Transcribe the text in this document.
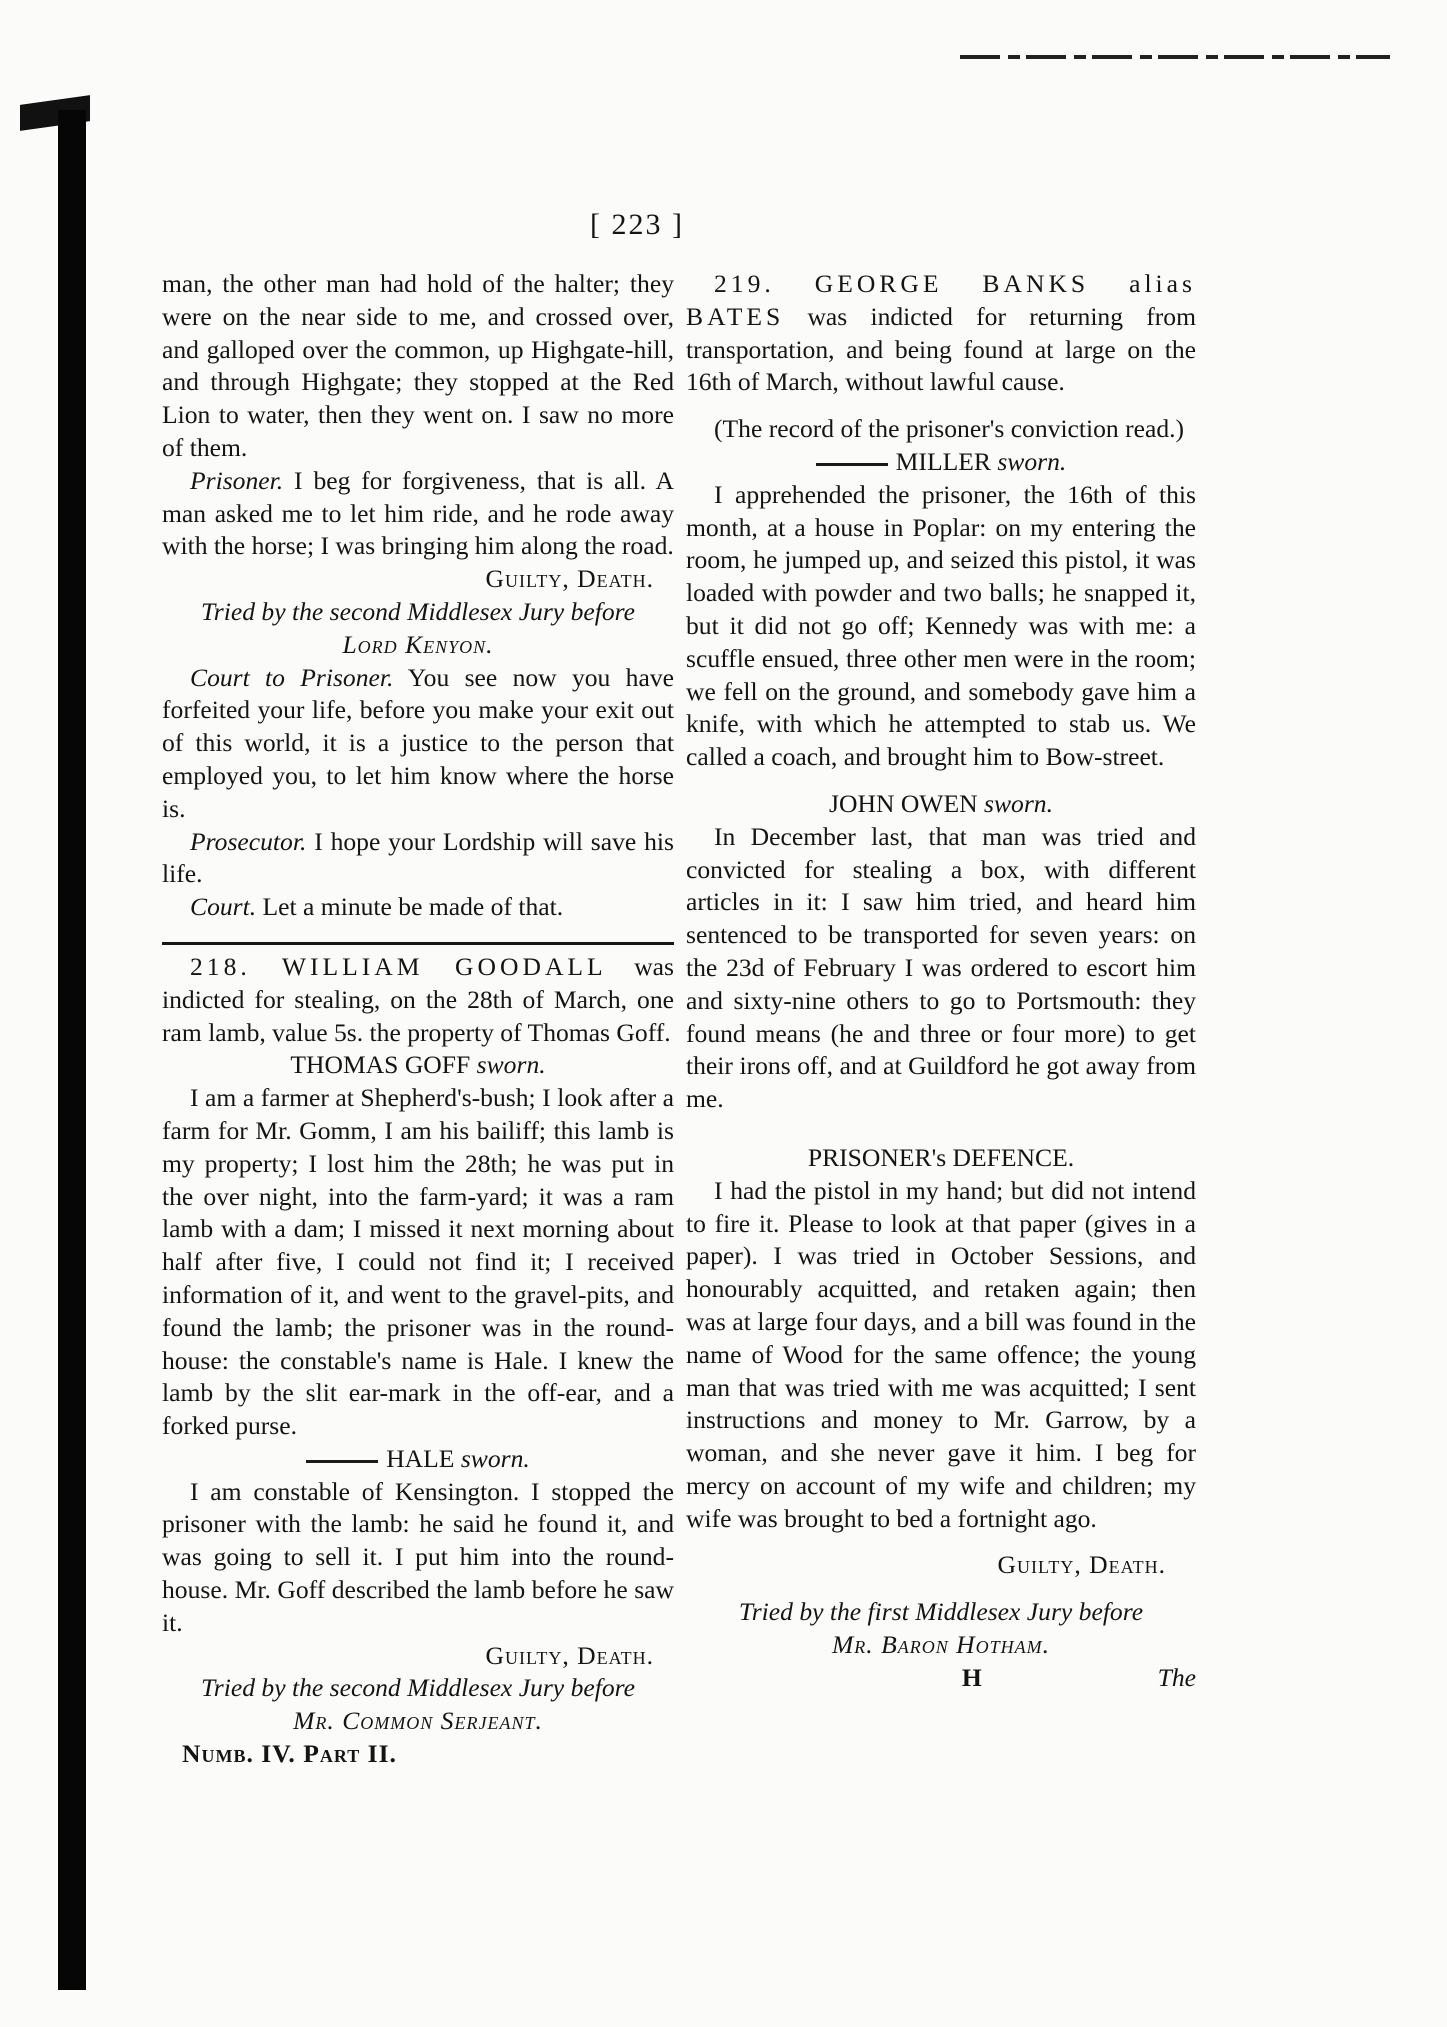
[ 223 ]

man, the other man had hold of the halter; they were on the near side to me, and crossed over, and galloped over the common, up Highgate-hill, and through Highgate; they stopped at the Red Lion to water, then they went on. I saw no more of them.

Prisoner. I beg for forgiveness, that is all. A man asked me to let him ride, and he rode away with the horse; I was bringing him along the road.

Guilty, Death.

Tried by the second Middlesex Jury before

Lord Kenyon.

Court to Prisoner. You see now you have forfeited your life, before you make your exit out of this world, it is a justice to the person that employed you, to let him know where the horse is.

Prosecutor. I hope your Lordship will save his life.

Court. Let a minute be made of that.

218. WILLIAM GOODALL was indicted for stealing, on the 28th of March, one ram lamb, value 5s. the property of Thomas Goff.

THOMAS GOFF sworn.

I am a farmer at Shepherd's-bush; I look after a farm for Mr. Gomm, I am his bailiff; this lamb is my property; I lost him the 28th; he was put in the over night, into the farm-yard; it was a ram lamb with a dam; I missed it next morning about half after five, I could not find it; I received information of it, and went to the gravel-pits, and found the lamb; the prisoner was in the round-house: the constable's name is Hale. I knew the lamb by the slit ear-mark in the off-ear, and a forked purse.

HALE sworn.

I am constable of Kensington. I stopped the prisoner with the lamb: he said he found it, and was going to sell it. I put him into the round-house. Mr. Goff described the lamb before he saw it.

Guilty, Death.

Tried by the second Middlesex Jury before

Mr. Common Serjeant.

Numb. IV. Part II.

219. GEORGE BANKS alias BATES was indicted for returning from transportation, and being found at large on the 16th of March, without lawful cause.

(The record of the prisoner's conviction read.)

MILLER sworn.

I apprehended the prisoner, the 16th of this month, at a house in Poplar: on my entering the room, he jumped up, and seized this pistol, it was loaded with powder and two balls; he snapped it, but it did not go off; Kennedy was with me: a scuffle ensued, three other men were in the room; we fell on the ground, and somebody gave him a knife, with which he attempted to stab us. We called a coach, and brought him to Bow-street.

JOHN OWEN sworn.

In December last, that man was tried and convicted for stealing a box, with different articles in it: I saw him tried, and heard him sentenced to be transported for seven years: on the 23d of February I was ordered to escort him and sixty-nine others to go to Portsmouth: they found means (he and three or four more) to get their irons off, and at Guildford he got away from me.

PRISONER's DEFENCE.

I had the pistol in my hand; but did not intend to fire it. Please to look at that paper (gives in a paper). I was tried in October Sessions, and honourably acquitted, and retaken again; then was at large four days, and a bill was found in the name of Wood for the same offence; the young man that was tried with me was acquitted; I sent instructions and money to Mr. Garrow, by a woman, and she never gave it him. I beg for mercy on account of my wife and children; my wife was brought to bed a fortnight ago.

Guilty, Death.

Tried by the first Middlesex Jury before

Mr. Baron Hotham.

H	The
